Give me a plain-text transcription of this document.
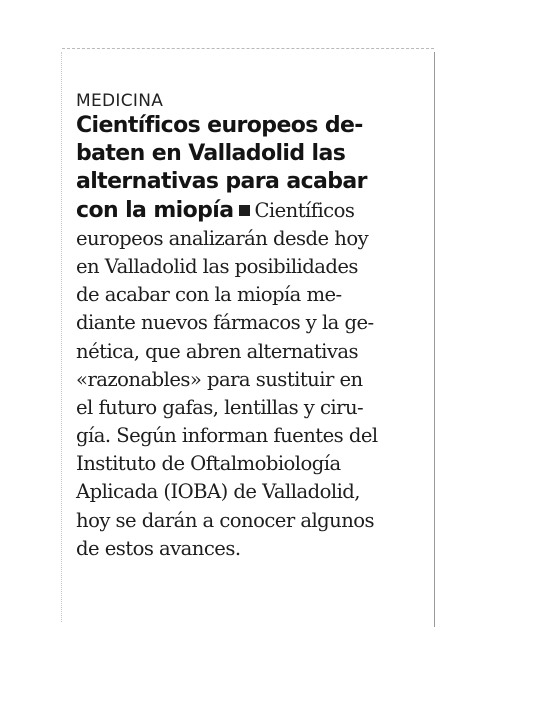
MEDICINA
Científicos europeos de-
baten en Valladolid las
alternativas para acabar
con la miopía Científicos
europeos analizarán desde hoy
en Valladolid las posibilidades
de acabar con la miopía me-
diante nuevos fármacos y la ge-
nética, que abren alternativas
«razonables» para sustituir en
el futuro gafas, lentillas y ciru-
gía. Según informan fuentes del
Instituto de Oftalmobiología
Aplicada (IOBA) de Valladolid,
hoy se darán a conocer algunos
de estos avances.
